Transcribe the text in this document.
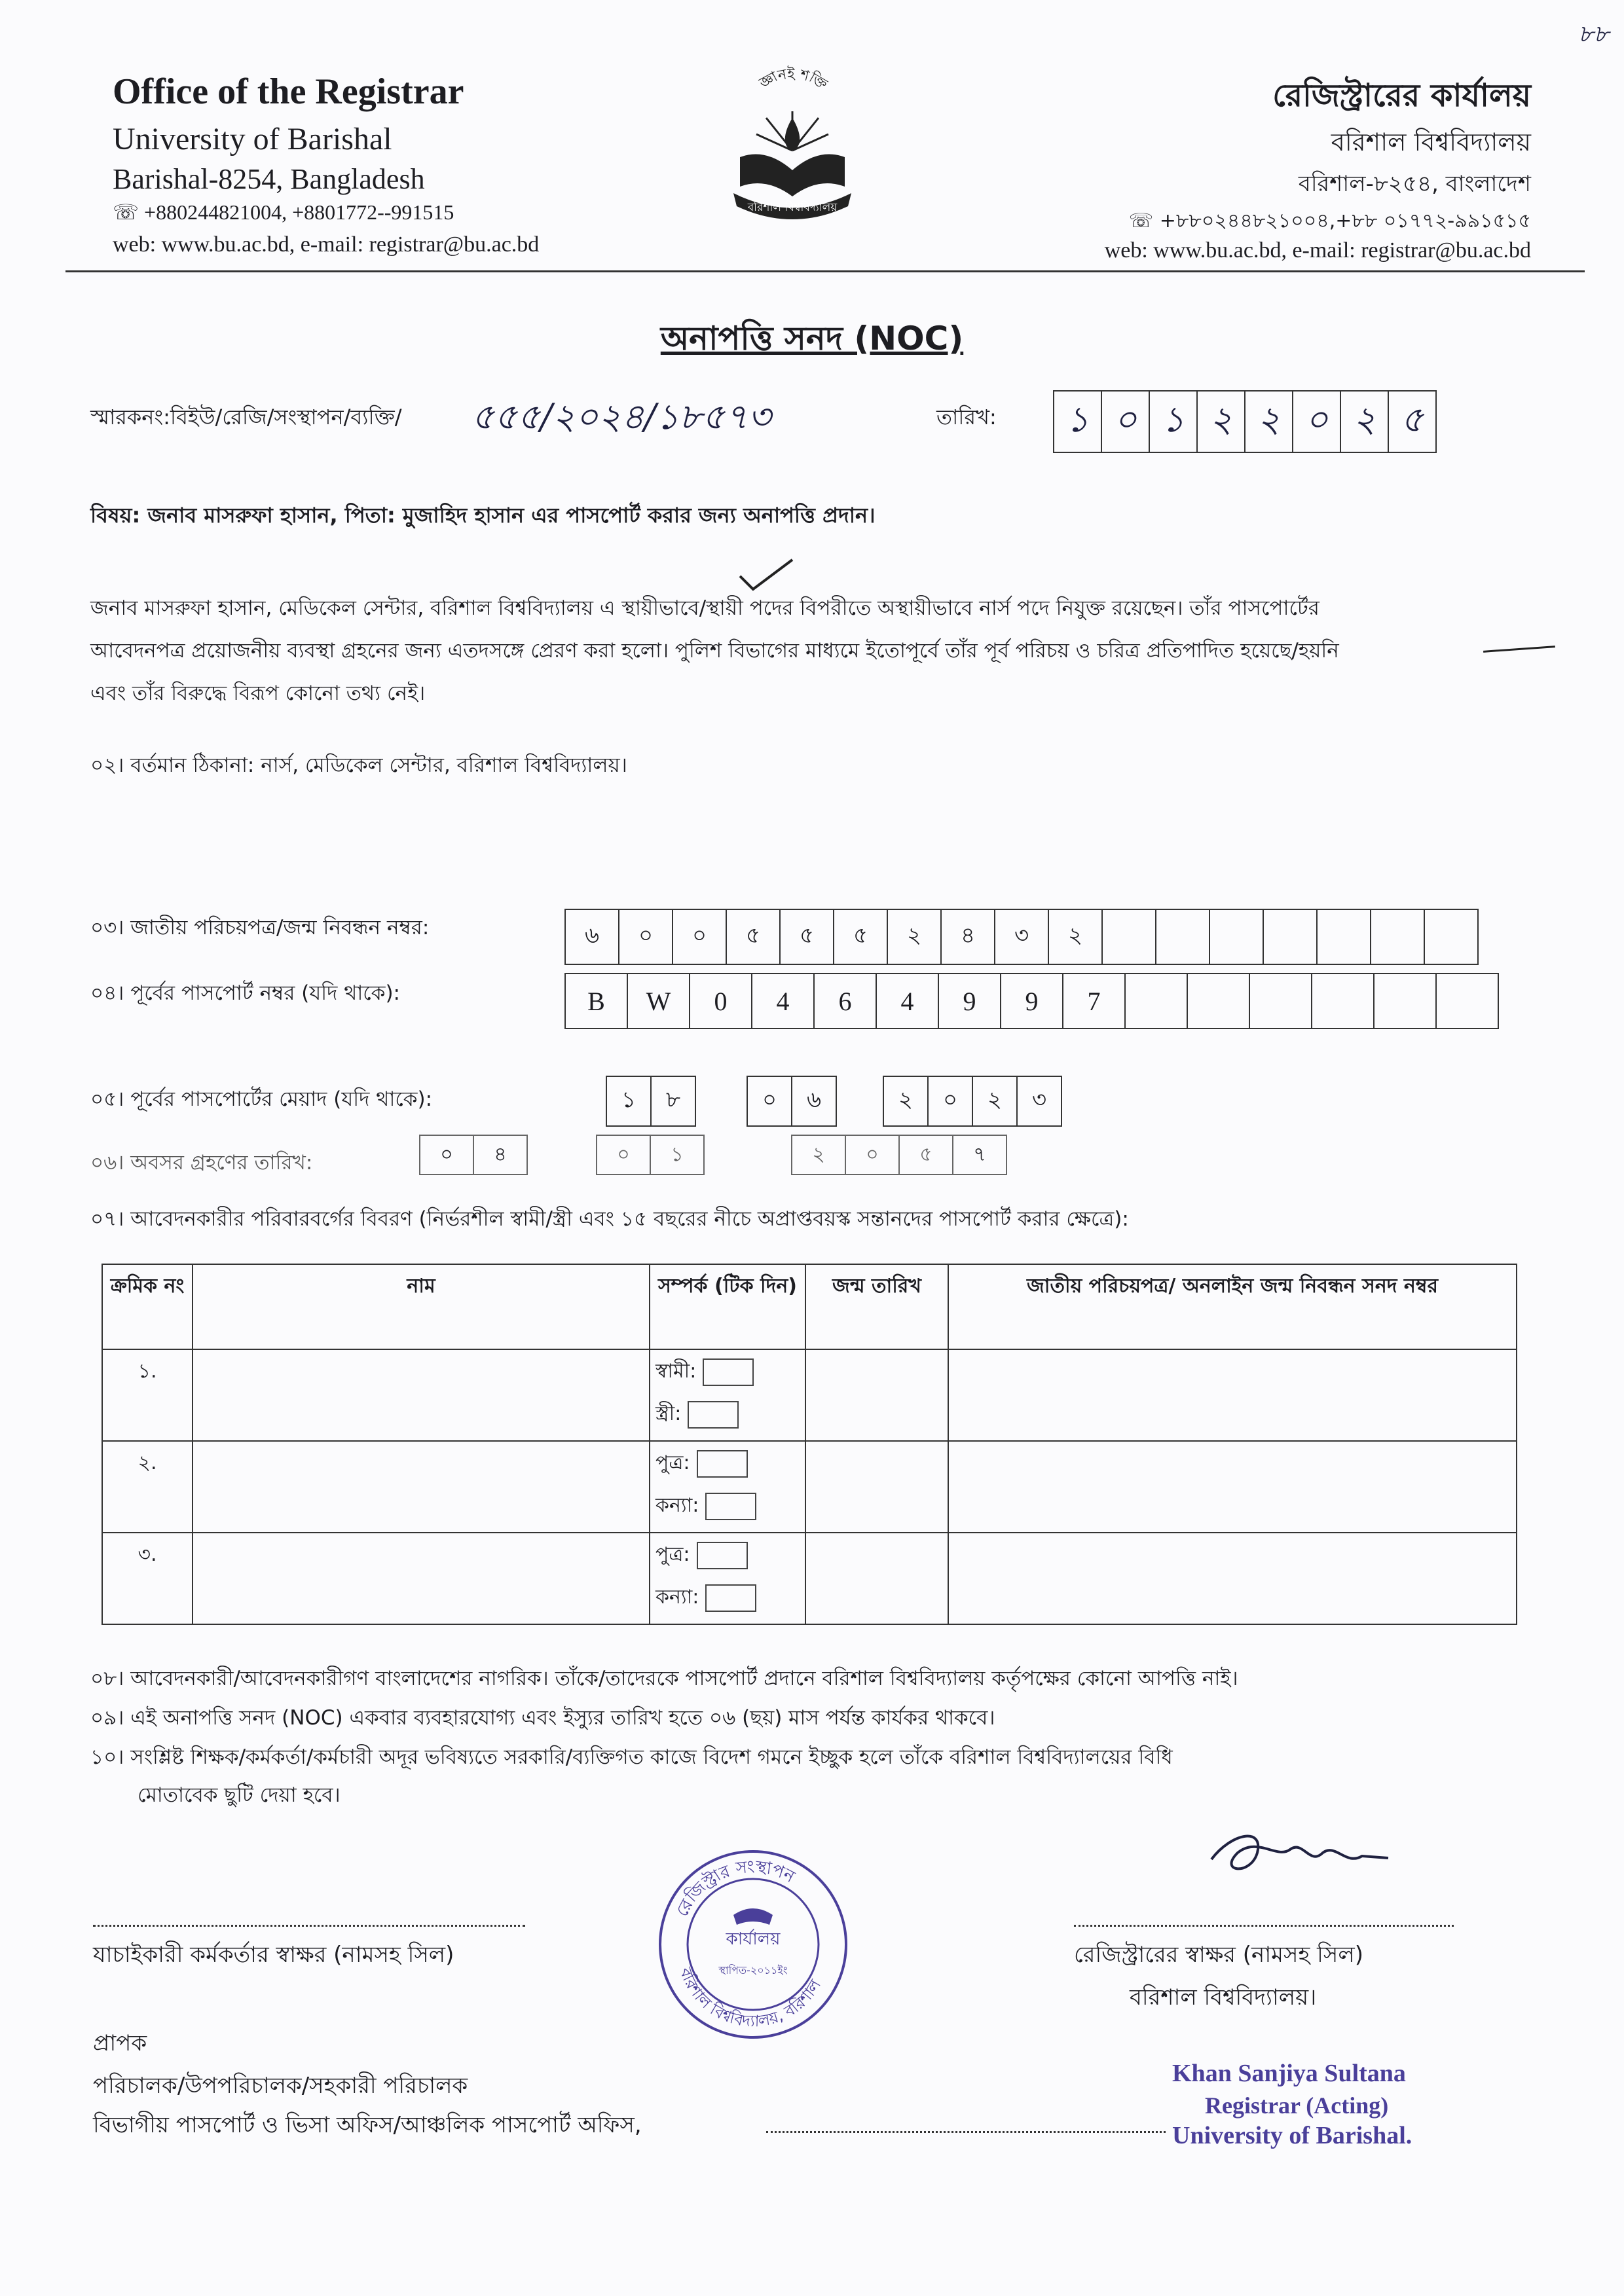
৮৮
Office of the Registrar
University of Barishal
Barishal-8254, Bangladesh
☏ +880244821004, +8801772--991515
web: www.bu.ac.bd, e-mail: registrar@bu.ac.bd
জ্ঞানই শক্তি
বরিশাল বিশ্ববিদ্যালয়
রেজিস্ট্রারের কার্যালয়
বরিশাল বিশ্ববিদ্যালয়
বরিশাল-৮২৫৪, বাংলাদেশ
☏ +৮৮০২৪৪৮২১০০৪,+৮৮ ০১৭৭২-৯৯১৫১৫
web: www.bu.ac.bd, e-mail: registrar@bu.ac.bd
অনাপত্তি সনদ (NOC)
স্মারকনং:বিইউ/রেজি/সংস্থাপন/ব্যক্তি/ ৫৫৫/২০২৪/১৮৫৭৩	তারিখ:	১ ০ ১ ২ ২ ০ ২ ৫
বিষয়: জনাব মাসরুফা হাসান, পিতা: মুজাহিদ হাসান এর পাসপোর্ট করার জন্য অনাপত্তি প্রদান।
জনাব মাসরুফা হাসান, মেডিকেল সেন্টার, বরিশাল বিশ্ববিদ্যালয় এ স্থায়ীভাবে/স্থায়ী পদের বিপরীতে অস্থায়ীভাবে নার্স পদে নিযুক্ত রয়েছেন। তাঁর পাসপোর্টের
আবেদনপত্র প্রয়োজনীয় ব্যবস্থা গ্রহনের জন্য এতদসঙ্গে প্রেরণ করা হলো। পুলিশ বিভাগের মাধ্যমে ইতোপূর্বে তাঁর পূর্ব পরিচয় ও চরিত্র প্রতিপাদিত হয়েছে/হয়নি
এবং তাঁর বিরুদ্ধে বিরূপ কোনো তথ্য নেই।
০২। বর্তমান ঠিকানা: নার্স, মেডিকেল সেন্টার, বরিশাল বিশ্ববিদ্যালয়।
০৩। জাতীয় পরিচয়পত্র/জন্ম নিবন্ধন নম্বর:	৬	০	০	৫	৫	৫	২	৪	৩	২
০৪। পূর্বের পাসপোর্ট নম্বর (যদি থাকে):	B	W	0	4	6	4	9	9	7
০৫। পূর্বের পাসপোর্টের মেয়াদ (যদি থাকে):	১	৮	০	৬	২	০	২	৩
০৬। অবসর গ্রহণের তারিখ:	০	৪	০	১	২	০	৫	৭
০৭। আবেদনকারীর পরিবারবর্গের বিবরণ (নির্ভরশীল স্বামী/স্ত্রী এবং ১৫ বছরের নীচে অপ্রাপ্তবয়স্ক সন্তানদের পাসপোর্ট করার ক্ষেত্রে):
ক্রমিক নং	নাম	সম্পর্ক (টিক দিন)	জন্ম তারিখ	জাতীয় পরিচয়পত্র/ অনলাইন জন্ম নিবন্ধন সনদ নম্বর
১.		স্বামী:
স্ত্রী:		

২.		পুত্র:
কন্যা:		

৩.		পুত্র:
কন্যা:		

০৮। আবেদনকারী/আবেদনকারীগণ বাংলাদেশের নাগরিক। তাঁকে/তাদেরকে পাসপোর্ট প্রদানে বরিশাল বিশ্ববিদ্যালয় কর্তৃপক্ষের কোনো আপত্তি নাই।
০৯। এই অনাপত্তি সনদ (NOC) একবার ব্যবহারযোগ্য এবং ইস্যুর তারিখ হতে ০৬ (ছয়) মাস পর্যন্ত কার্যকর থাকবে।
১০। সংশ্লিষ্ট শিক্ষক/কর্মকর্তা/কর্মচারী অদূর ভবিষ্যতে সরকারি/ব্যক্তিগত কাজে বিদেশ গমনে ইচ্ছুক হলে তাঁকে বরিশাল বিশ্ববিদ্যালয়ের বিধি
মোতাবেক ছুটি দেয়া হবে।
যাচাইকারী কর্মকর্তার স্বাক্ষর (নামসহ সিল)	রেজিস্ট্রারের স্বাক্ষর (নামসহ সিল)
বরিশাল বিশ্ববিদ্যালয়।
রেজিস্ট্রার সংস্থাপন
বরিশাল বিশ্ববিদ্যালয়, বরিশাল
কার্যালয়
স্থাপিত-২০১১ইং
প্রাপক
পরিচালক/উপপরিচালক/সহকারী পরিচালক
বিভাগীয় পাসপোর্ট ও ভিসা অফিস/আঞ্চলিক পাসপোর্ট অফিস,
Khan Sanjiya Sultana
Registrar (Acting)
University of Barishal.
